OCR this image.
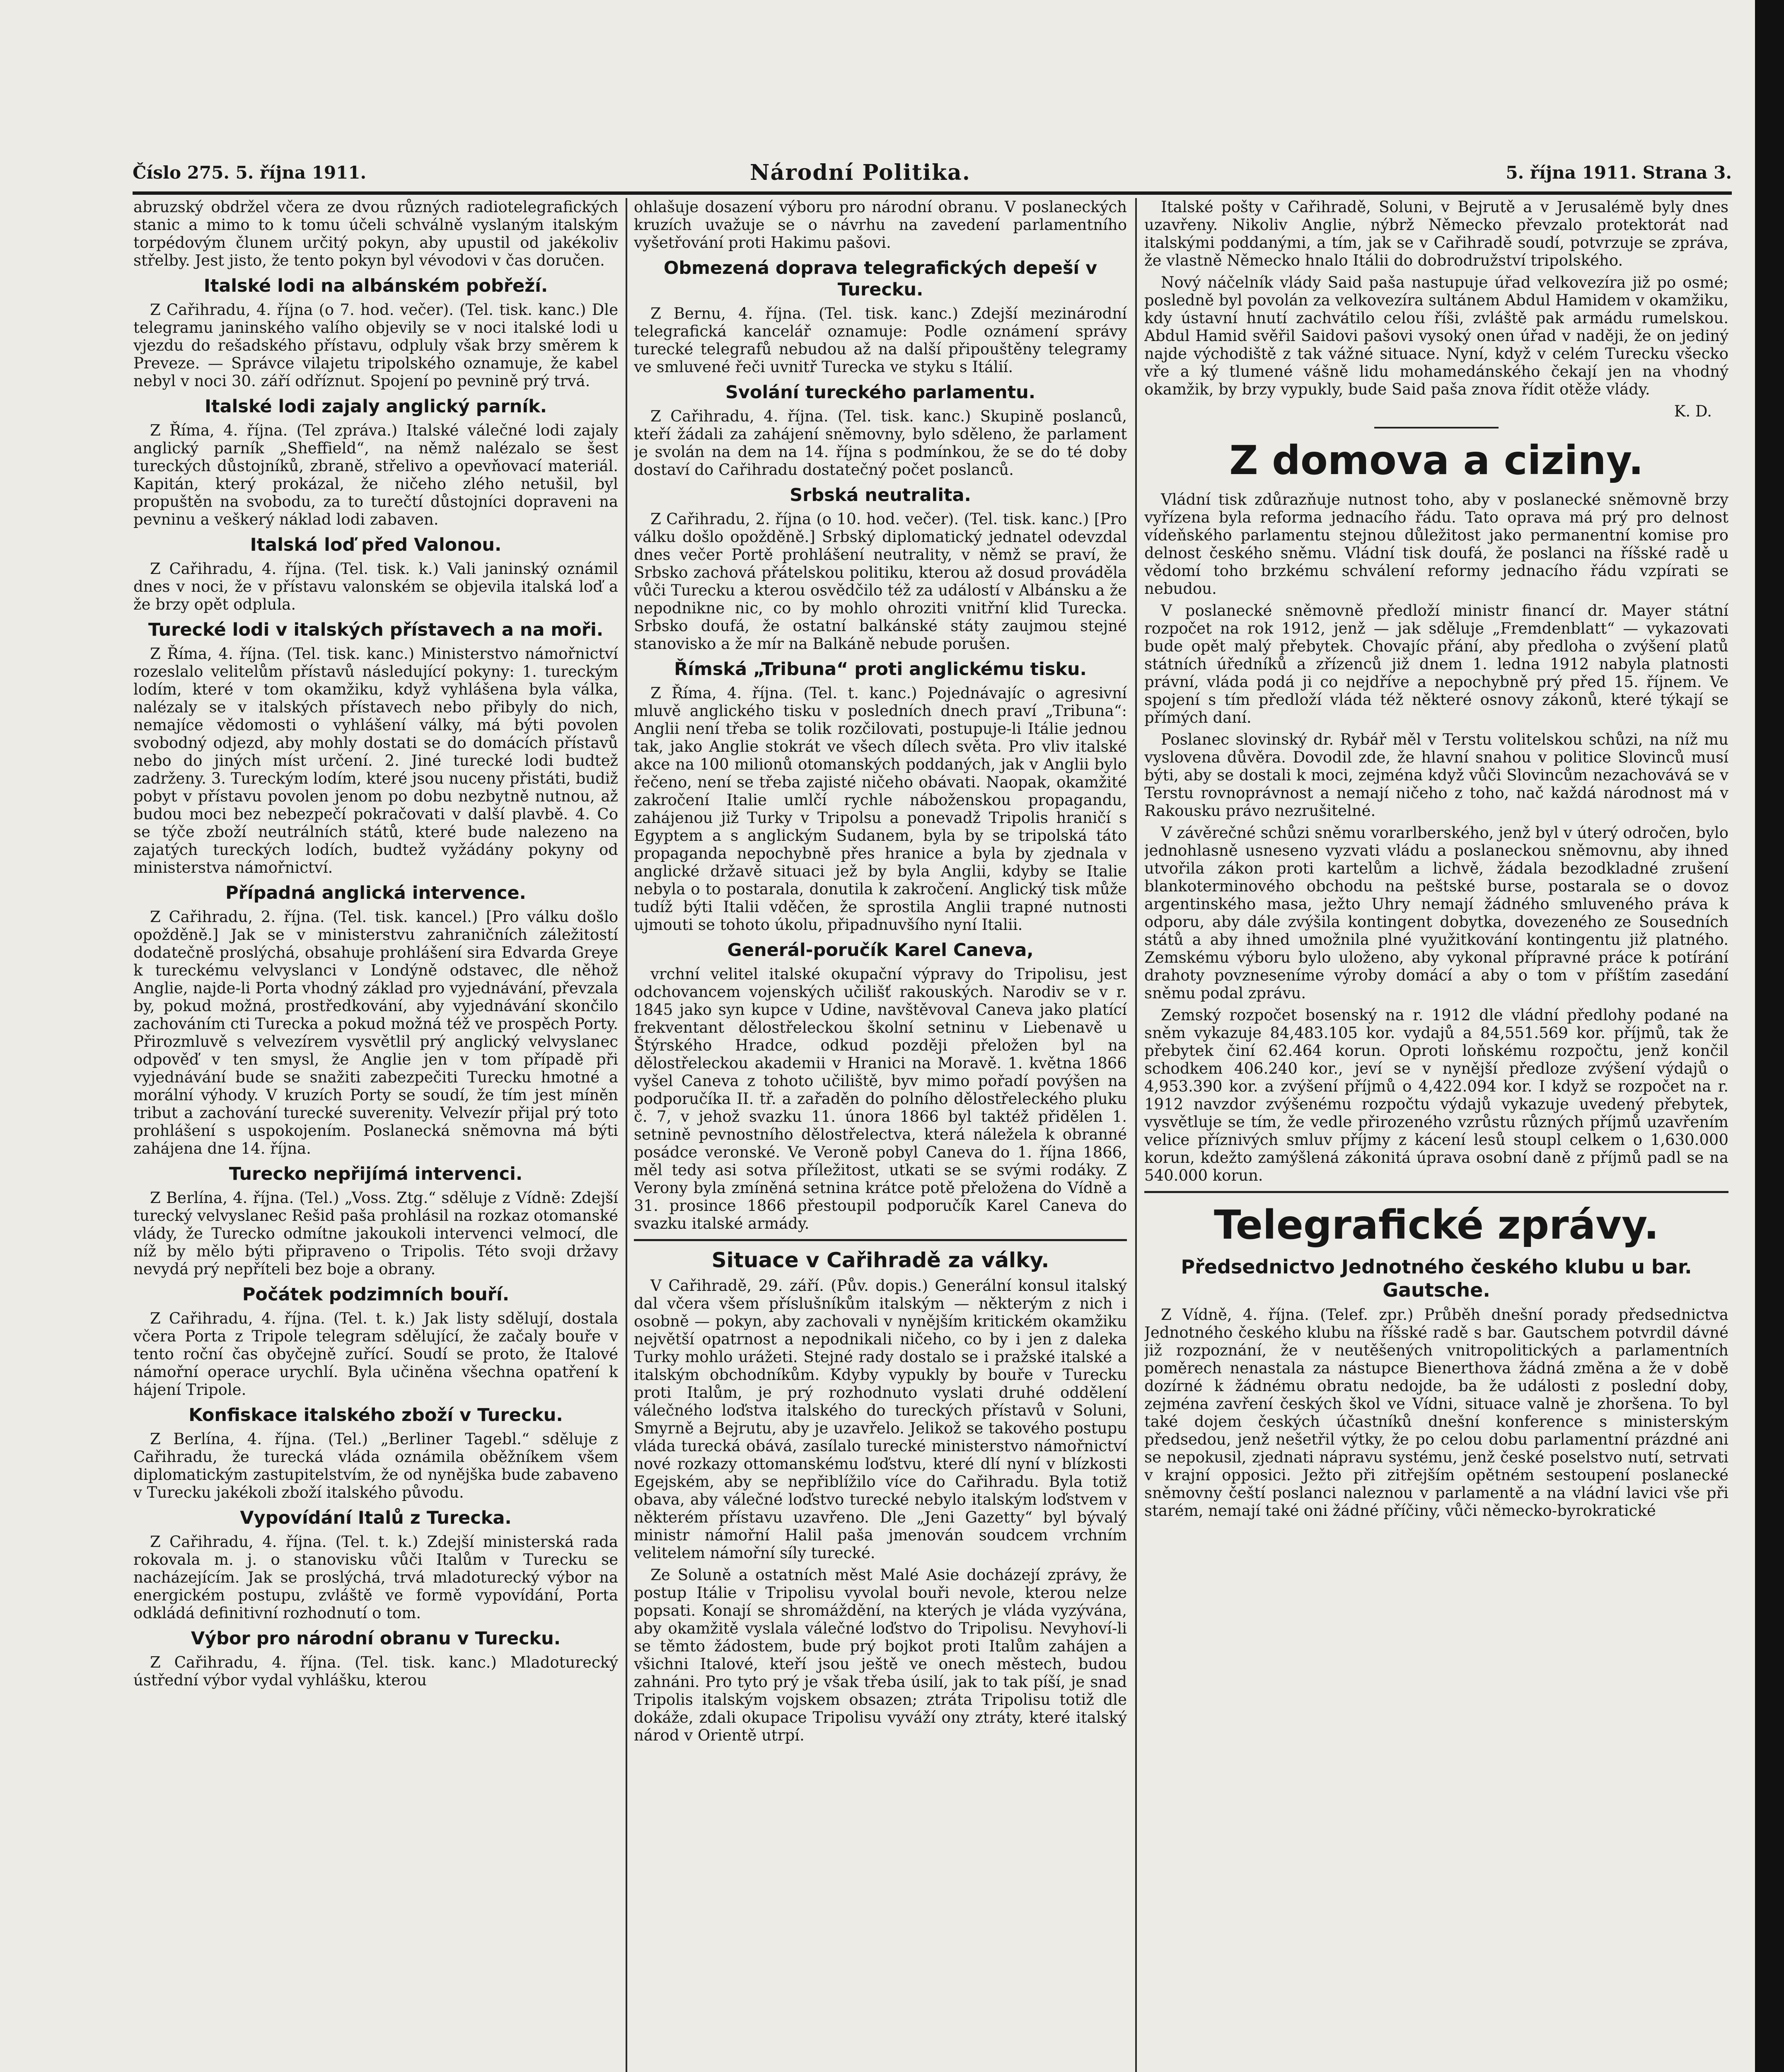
Číslo 275. 5. října 1911.	Národní Politika.	5. října 1911. Strana 3.

abruzský obdržel včera ze dvou různých radiotelegrafických stanic a mimo to k tomu účeli schválně vyslaným italským torpédovým člunem určitý pokyn, aby upustil od jakékoliv střelby. Jest jisto, že tento pokyn byl vévodovi v čas doručen.

Italské lodi na albánském pobřeží.

Z Cařihradu, 4. října (o 7. hod. večer). (Tel. tisk. kanc.) Dle telegramu janinského valího objevily se v noci italské lodi u vjezdu do rešadského přístavu, odpluly však brzy směrem k Preveze. — Správce vilajetu tripolského oznamuje, že kabel nebyl v noci 30. září odříznut. Spojení po pevnině prý trvá.

Italské lodi zajaly anglický parník.

Z Říma, 4. října. (Tel zpráva.) Italské válečné lodi zajaly anglický parník „Sheffield“, na němž nalézalo se šest tureckých důstojníků, zbraně, střelivo a opevňovací materiál. Kapitán, který prokázal, že ničeho zlého netušil, byl propuštěn na svobodu, za to turečtí důstojníci dopraveni na pevninu a veškerý náklad lodi zabaven.

Italská loď před Valonou.

Z Cařihradu, 4. října. (Tel. tisk. k.) Vali janinský oznámil dnes v noci, že v přístavu valonském se objevila italská loď a že brzy opět odplula.

Turecké lodi v italských přístavech a na moři.

Z Říma, 4. října. (Tel. tisk. kanc.) Ministerstvo námořnictví rozeslalo velitelům přístavů následující pokyny: 1. tureckým lodím, které v tom okamžiku, když vyhlášena byla válka, nalézaly se v italských přístavech nebo přibyly do nich, nemajíce vědomosti o vyhlášení války, má býti povolen svobodný odjezd, aby mohly dostati se do domácích přístavů nebo do jiných míst určení. 2. Jiné turecké lodi budtež zadrženy. 3. Tureckým lodím, které jsou nuceny přistáti, budiž pobyt v přístavu povolen jenom po dobu nezbytně nutnou, až budou moci bez nebezpečí pokračovati v další plavbě. 4. Co se týče zboží neutrálních států, které bude nalezeno na zajatých tureckých lodích, budtež vyžádány pokyny od ministerstva námořnictví.

Případná anglická intervence.

Z Cařihradu, 2. října. (Tel. tisk. kancel.) [Pro válku došlo opožděně.] Jak se v ministerstvu zahraničních záležitostí dodatečně proslýchá, obsahuje prohlášení sira Edvarda Greye k tureckému velvyslanci v Londýně odstavec, dle něhož Anglie, najde-li Porta vhodný základ pro vyjednávání, převzala by, pokud možná, prostředkování, aby vyjednávání skončilo zachováním cti Turecka a pokud možná též ve prospěch Porty. Přirozmluvě s velvezírem vysvětlil prý anglický velvyslanec odpověď v ten smysl, že Anglie jen v tom případě při vyjednávání bude se snažiti zabezpečiti Turecku hmotné a morální výhody. V kruzích Porty se soudí, že tím jest míněn tribut a zachování turecké suverenity. Velvezír přijal prý toto prohlášení s uspokojením. Poslanecká sněmovna má býti zahájena dne 14. října.

Turecko nepřijímá intervenci.

Z Berlína, 4. října. (Tel.) „Voss. Ztg.“ sděluje z Vídně: Zdejší turecký velvyslanec Rešid paša prohlásil na rozkaz otomanské vlády, že Turecko odmítne jakoukoli intervenci velmocí, dle níž by mělo býti připraveno o Tripolis. Této svoji državy nevydá prý nepříteli bez boje a obrany.

Počátek podzimních bouří.

Z Cařihradu, 4. října. (Tel. t. k.) Jak listy sdělují, dostala včera Porta z Tripole telegram sdělující, že začaly bouře v tento roční čas obyčejně zuřící. Soudí se proto, že Italové námořní operace urychlí. Byla učiněna všechna opatření k hájení Tripole.

Konfiskace italského zboží v Turecku.

Z Berlína, 4. října. (Tel.) „Berliner Tagebl.“ sděluje z Cařihradu, že turecká vláda oznámila oběžníkem všem diplomatickým zastupitelstvím, že od nynějška bude zabaveno v Turecku jakékoli zboží italského původu.

Vypovídání Italů z Turecka.

Z Cařihradu, 4. října. (Tel. t. k.) Zdejší ministerská rada rokovala m. j. o stanovisku vůči Italům v Turecku se nacházejícím. Jak se proslýchá, trvá mladoturecký výbor na energickém postupu, zvláště ve formě vypovídání, Porta odkládá definitivní rozhodnutí o tom.

Výbor pro národní obranu v Turecku.

Z Cařihradu, 4. října. (Tel. tisk. kanc.) Mladoturecký ústřední výbor vydal vyhlášku, kterou

ohlašuje dosazení výboru pro národní obranu. V poslaneckých kruzích uvažuje se o návrhu na zavedení parlamentního vyšetřování proti Hakimu pašovi.

Obmezená doprava telegrafických depeší v Turecku.

Z Bernu, 4. října. (Tel. tisk. kanc.) Zdejší mezinárodní telegrafická kancelář oznamuje: Podle oznámení správy turecké telegrafů nebudou až na další připouštěny telegramy ve smluvené řeči uvnitř Turecka ve styku s Itálií.

Svolání tureckého parlamentu.

Z Cařihradu, 4. října. (Tel. tisk. kanc.) Skupině poslanců, kteří žádali za zahájení sněmovny, bylo sděleno, že parlament je svolán na dem na 14. října s podmínkou, že se do té doby dostaví do Cařihradu dostatečný počet poslanců.

Srbská neutralita.

Z Cařihradu, 2. října (o 10. hod. večer). (Tel. tisk. kanc.) [Pro válku došlo opožděně.] Srbský diplomatický jednatel odevzdal dnes večer Portě prohlášení neutrality, v němž se praví, že Srbsko zachová přátelskou politiku, kterou až dosud prováděla vůči Turecku a kterou osvědčilo též za událostí v Albánsku a že nepodnikne nic, co by mohlo ohroziti vnitřní klid Turecka. Srbsko doufá, že ostatní balkánské státy zaujmou stejné stanovisko a že mír na Balkáně nebude porušen.

Římská „Tribuna“ proti anglickému tisku.

Z Říma, 4. října. (Tel. t. kanc.) Pojednávajíc o agresivní mluvě anglického tisku v posledních dnech praví „Tribuna“: Anglii není třeba se tolik rozčilovati, postupuje-li Itálie jednou tak, jako Anglie stokrát ve všech dílech světa. Pro vliv italské akce na 100 milionů otomanských poddaných, jak v Anglii bylo řečeno, není se třeba zajisté ničeho obávati. Naopak, okamžité zakročení Italie umlčí rychle náboženskou propagandu, zahájenou již Turky v Tripolsu a ponevadž Tripolis hraničí s Egyptem a s anglickým Sudanem, byla by se tripolská táto propaganda nepochybně přes hranice a byla by zjednala v anglické državě situaci jež by byla Anglii, kdyby se Italie nebyla o to postarala, donutila k zakročení. Anglický tisk může tudíž býti Italii vděčen, že sprostila Anglii trapné nutnosti ujmouti se tohoto úkolu, připadnuvšího nyní Italii.

Generál-poručík Karel Caneva,

vrchní velitel italské okupační výpravy do Tripolisu, jest odchovancem vojenských učilišť rakouských. Narodiv se v r. 1845 jako syn kupce v Udine, navštěvoval Caneva jako platící frekventant dělostřeleckou školní setninu v Liebenavě u Štýrského Hradce, odkud později přeložen byl na dělostřeleckou akademii v Hranici na Moravě. 1. května 1866 vyšel Caneva z tohoto učiliště, byv mimo pořadí povýšen na podporučíka II. tř. a zařaděn do polního dělostřeleckého pluku č. 7, v jehož svazku 11. února 1866 byl taktéž přidělen 1. setnině pevnostního dělostřelectva, která náležela k obranné posádce veronské. Ve Veroně pobyl Caneva do 1. října 1866, měl tedy asi sotva příležitost, utkati se se svými rodáky. Z Verony byla zmíněná setnina krátce potě přeložena do Vídně a 31. prosince 1866 přestoupil podporučík Karel Caneva do svazku italské armády.

Situace v Cařihradě za války.

V Cařihradě, 29. září. (Pův. dopis.) Generální konsul italský dal včera všem příslušníkům italským — některým z nich i osobně — pokyn, aby zachovali v nynějším kritickém okamžiku největší opatrnost a nepodnikali ničeho, co by i jen z daleka Turky mohlo urážeti. Stejné rady dostalo se i pražské italské a italským obchodníkům. Kdyby vypukly by bouře v Turecku proti Italům, je prý rozhodnuto vyslati druhé oddělení válečného loďstva italského do tureckých přístavů v Soluni, Smyrně a Bejrutu, aby je uzavřelo. Jelikož se takového postupu vláda turecká obává, zasílalo turecké ministerstvo námořnictví nové rozkazy ottomanskému loďstvu, které dlí nyní v blízkosti Egejském, aby se nepřiblížilo více do Cařihradu. Byla totiž obava, aby válečné loďstvo turecké nebylo italským loďstvem v některém přístavu uzavřeno. Dle „Jeni Gazetty“ byl bývalý ministr námořní Halil paša jmenován soudcem vrchním velitelem námořní síly turecké.

Ze Soluně a ostatních měst Malé Asie docházejí zprávy, že postup Itálie v Tripolisu vyvolal bouři nevole, kterou nelze popsati. Konají se shromáždění, na kterých je vláda vyzývána, aby okamžitě vyslala válečné loďstvo do Tripolisu. Nevyhoví-li se těmto žádostem, bude prý bojkot proti Italům zahájen a všichni Italové, kteří jsou ještě ve onech městech, budou zahnáni. Pro tyto prý je však třeba úsilí, jak to tak píší, je snad Tripolis italským vojskem obsazen; ztráta Tripolisu totiž dle dokáže, zdali okupace Tripolisu vyváží ony ztráty, které italský národ v Orientě utrpí.

Italské pošty v Cařihradě, Soluni, v Bejrutě a v Jerusalémě byly dnes uzavřeny. Nikoliv Anglie, nýbrž Německo převzalo protektorát nad italskými poddanými, a tím, jak se v Cařihradě soudí, potvrzuje se zpráva, že vlastně Německo hnalo Itálii do dobrodružství tripolského.

Nový náčelník vlády Said paša nastupuje úřad velkovezíra již po osmé; posledně byl povolán za velkovezíra sultánem Abdul Hamidem v okamžiku, kdy ústavní hnutí zachvátilo celou říši, zvláště pak armádu rumelskou. Abdul Hamid svěřil Saidovi pašovi vysoký onen úřad v naději, že on jediný najde východiště z tak vážné situace. Nyní, když v celém Turecku všecko vře a ký tlumené vášně lidu mohamedánského čekají jen na vhodný okamžik, by brzy vypukly, bude Said paša znova řídit otěže vlády.

K. D.
Z domova a ciziny.

Vládní tisk zdůrazňuje nutnost toho, aby v poslanecké sněmovně brzy vyřízena byla reforma jednacího řádu. Tato oprava má prý pro delnost vídeňského parlamentu stejnou důležitost jako permanentní komise pro delnost českého sněmu. Vládní tisk doufá, že poslanci na říšské radě u vědomí toho brzkému schválení reformy jednacího řádu vzpírati se nebudou.

V poslanecké sněmovně předloží ministr financí dr. Mayer státní rozpočet na rok 1912, jenž — jak sděluje „Fremdenblatt“ — vykazovati bude opět malý přebytek. Chovajíc přání, aby předloha o zvýšení platů státních úředníků a zřízenců již dnem 1. ledna 1912 nabyla platnosti právní, vláda podá ji co nejdříve a nepochybně prý před 15. říjnem. Ve spojení s tím předloží vláda též některé osnovy zákonů, které týkají se přímých daní.

Poslanec slovinský dr. Rybář měl v Terstu volitelskou schůzi, na níž mu vyslovena důvěra. Dovodil zde, že hlavní snahou v politice Slovinců musí býti, aby se dostali k moci, zejména když vůči Slovincům nezachovává se v Terstu rovnoprávnost a nemají ničeho z toho, nač každá národnost má v Rakousku právo nezrušitelné.

V závěrečné schůzi sněmu vorarlberského, jenž byl v úterý odročen, bylo jednohlasně usneseno vyzvati vládu a poslaneckou sněmovnu, aby ihned utvořila zákon proti kartelům a lichvě, žádala bezodkladné zrušení blankoterminového obchodu na peštské burse, postarala se o dovoz argentinského masa, ježto Uhry nemají žádného smluveného práva k odporu, aby dále zvýšila kontingent dobytka, dovezeného ze Sousedních států a aby ihned umožnila plné využitkování kontingentu již platného. Zemskému výboru bylo uloženo, aby vykonal přípravné práce k potírání drahoty povzneseníme výroby domácí a aby o tom v příštím zasedání sněmu podal zprávu.

Zemský rozpočet bosenský na r. 1912 dle vládní předlohy podané na sněm vykazuje 84,483.105 kor. vydajů a 84,551.569 kor. příjmů, tak že přebytek činí 62.464 korun. Oproti loňskému rozpočtu, jenž končil schodkem 406.240 kor., jeví se v nynější předloze zvýšení výdajů o 4,953.390 kor. a zvýšení příjmů o 4,422.094 kor. I když se rozpočet na r. 1912 navzdor zvýšenému rozpočtu výdajů vykazuje uvedený přebytek, vysvětluje se tím, že vedle přirozeného vzrůstu různých příjmů uzavřením velice příznivých smluv příjmy z kácení lesů stoupl celkem o 1,630.000 korun, kdežto zamýšlená zákonitá úprava osobní daně z příjmů padl se na 540.000 korun.

Telegrafické zprávy.
Předsednictvo Jednotného českého klubu u bar. Gautsche.

Z Vídně, 4. října. (Telef. zpr.) Průběh dnešní porady předsednictva Jednotného českého klubu na říšské radě s bar. Gautschem potvrdil dávné již rozpoznání, že v neutěšených vnitropolitických a parlamentních poměrech nenastala za nástupce Bienerthova žádná změna a že v době dozírné k žádnému obratu nedojde, ba že události z poslední doby, zejména zavření českých škol ve Vídni, situace valně je zhoršena. To byl také dojem českých účastníků dnešní konference s ministerským předsedou, jenž nešetřil výtky, že po celou dobu parlamentní prázdné ani se nepokusil, zjednati nápravu systému, jenž české poselstvo nutí, setrvati v krajní opposici. Ježto při zitřejším opětném sestoupení poslanecké sněmovny čeští poslanci naleznou v parlamentě a na vládní lavici vše při starém, nemají také oni žádné příčiny, vůči německo-byrokratické
